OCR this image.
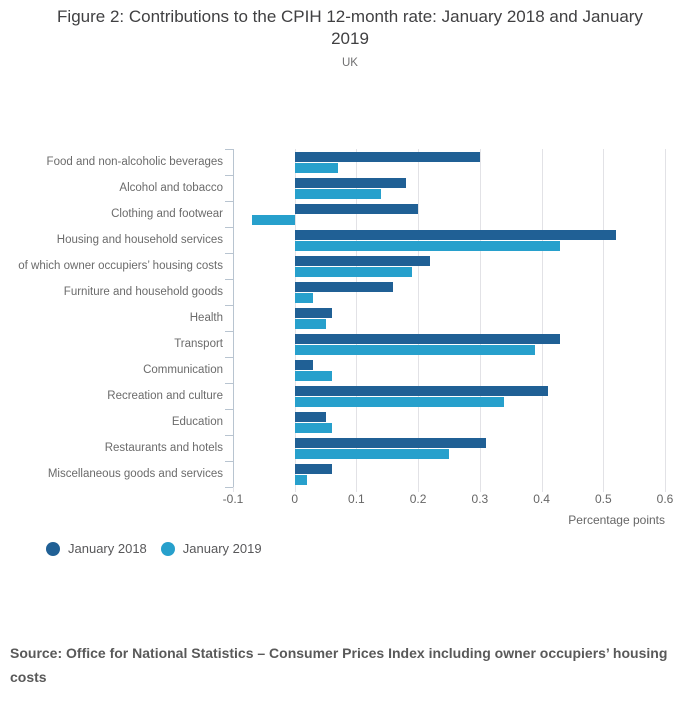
Figure 2: Contributions to the CPIH 12-month rate: January 2018 and January 2019
UK
Food and non-alcoholic beverages
Alcohol and tobacco
Clothing and footwear
Housing and household services
of which owner occupiers’ housing costs
Furniture and household goods
Health
Transport
Communication
Recreation and culture
Education
Restaurants and hotels
Miscellaneous goods and services
-0.1	0	0.1	0.2	0.3	0.4	0.5	0.6
Percentage points
January 2018	January 2019

Source: Office for National Statistics – Consumer Prices Index including owner occupiers’ housing costs
